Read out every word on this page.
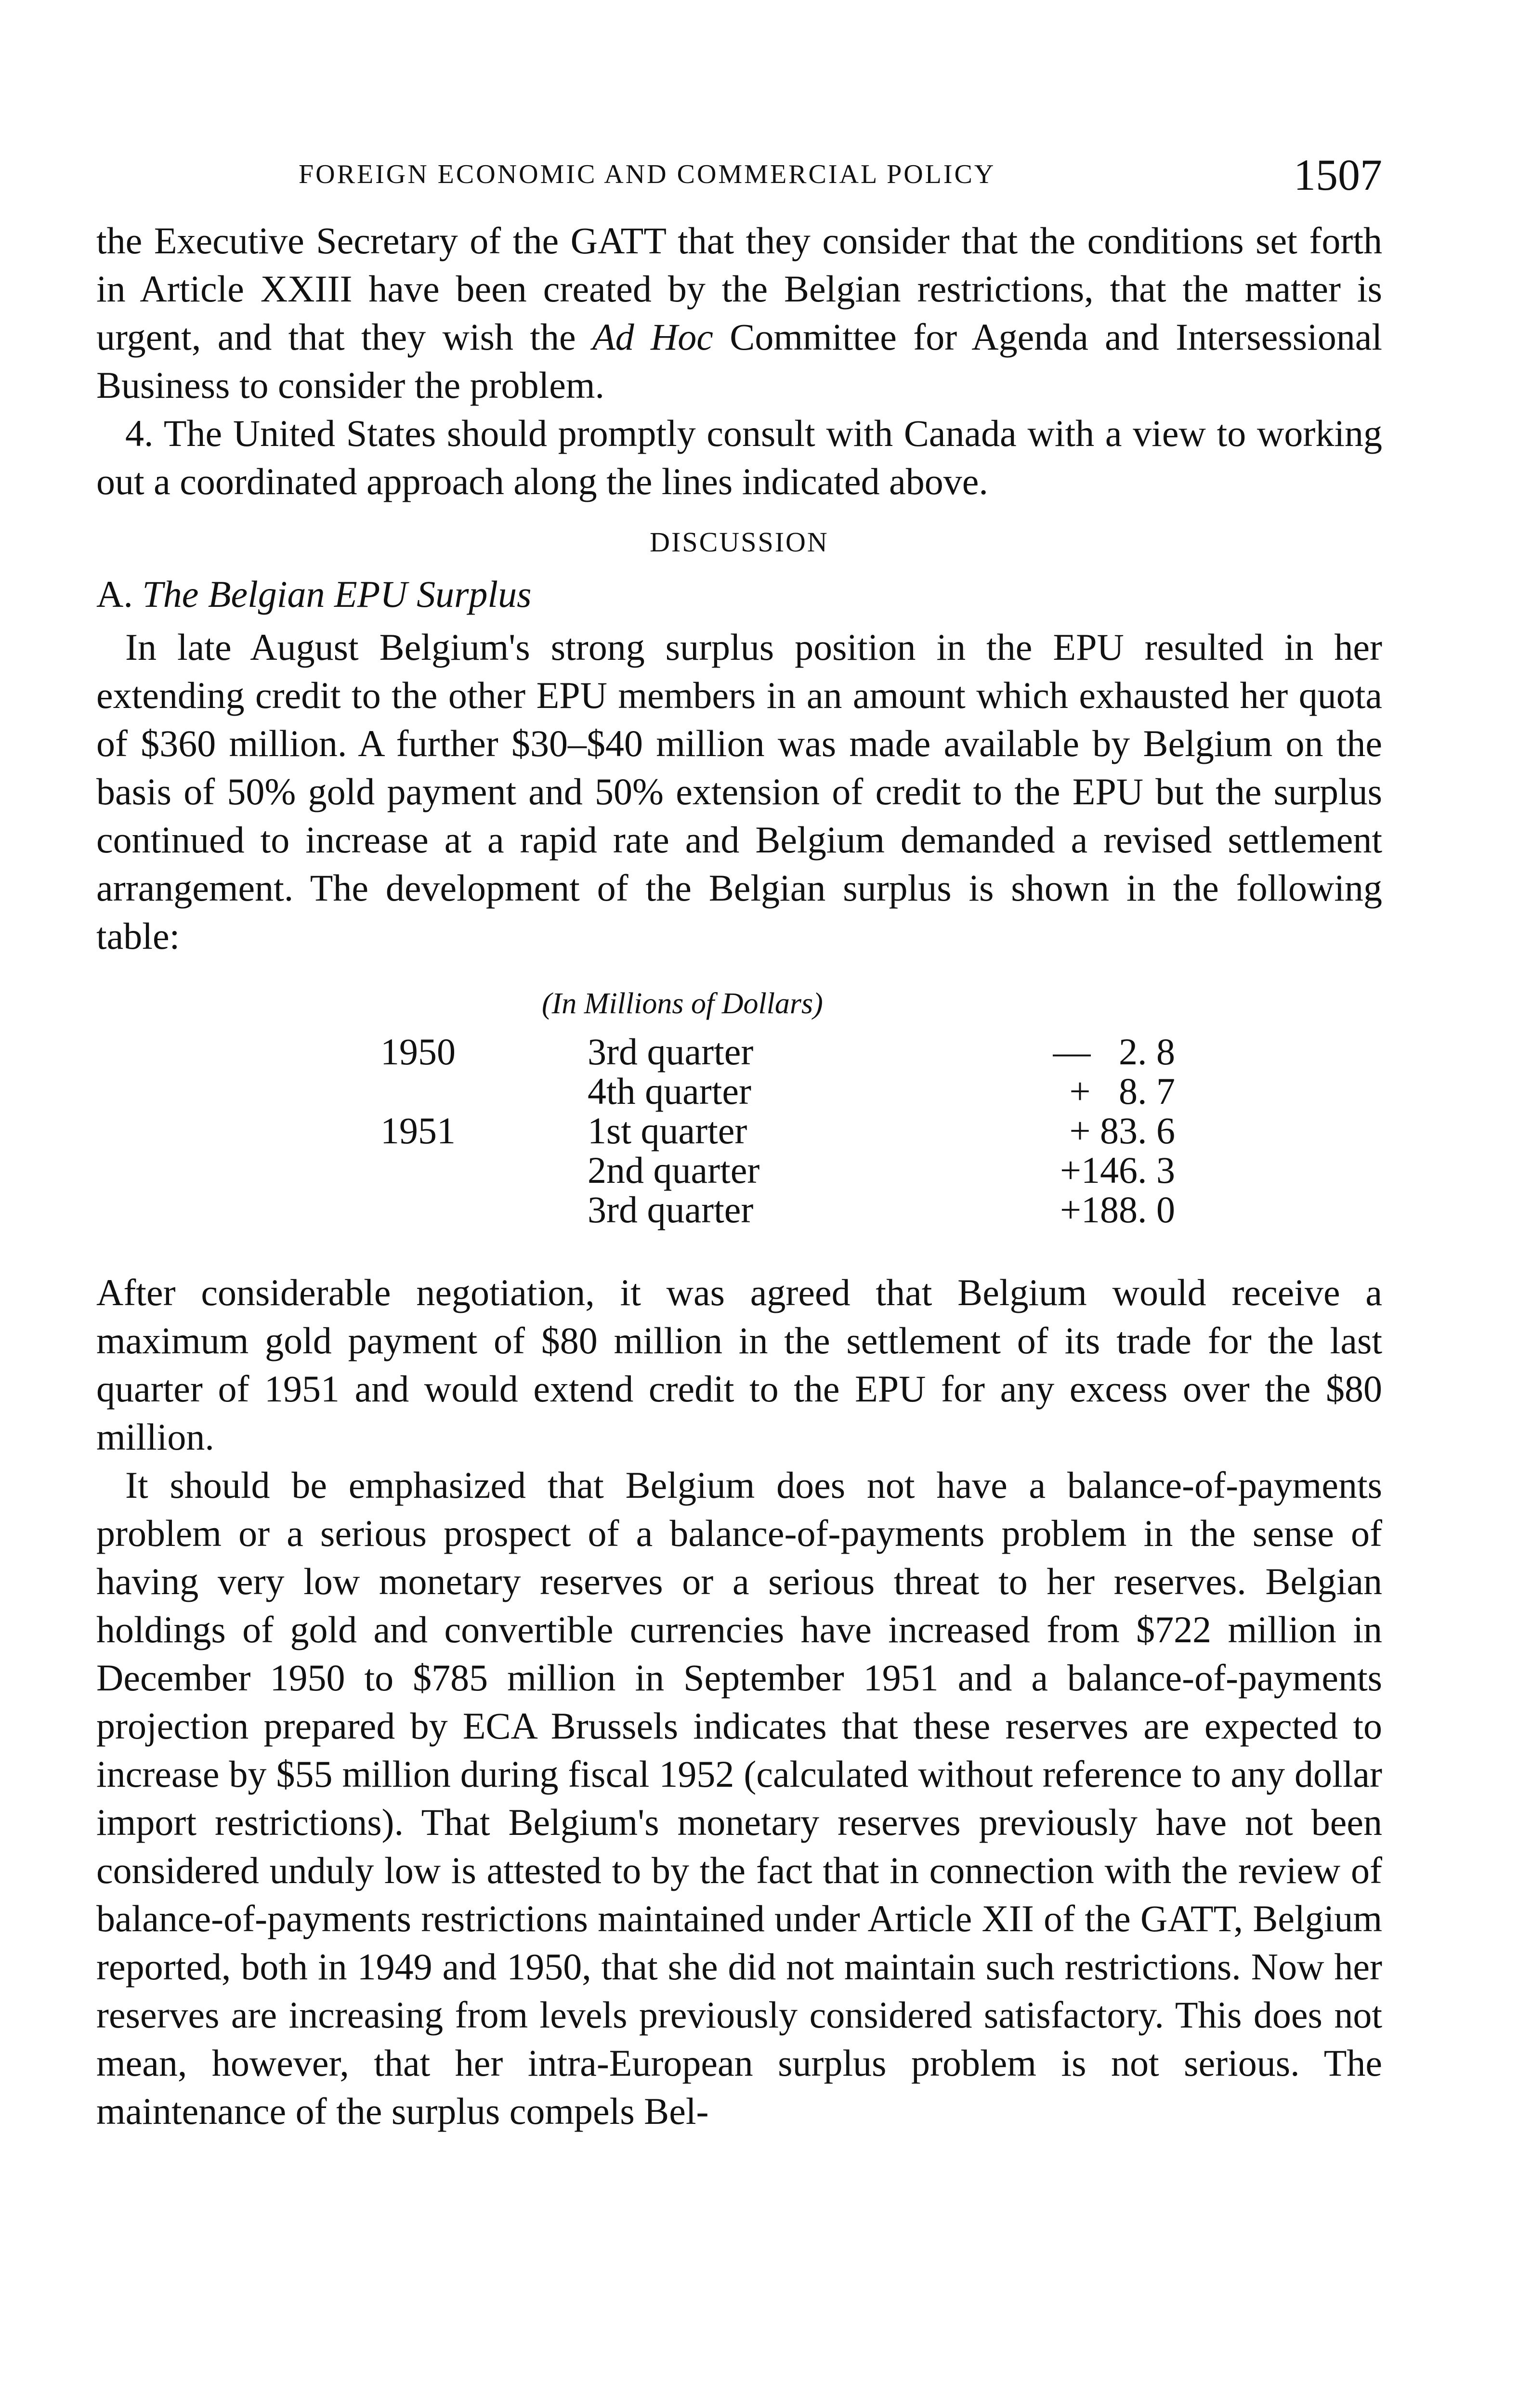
FOREIGN ECONOMIC AND COMMERCIAL POLICY	1507

the Executive Secretary of the GATT that they consider that the conditions set forth in Article XXIII have been created by the Belgian restrictions, that the matter is urgent, and that they wish the Ad Hoc Committee for Agenda and Intersessional Business to consider the problem.

4. The United States should promptly consult with Canada with a view to working out a coordinated approach along the lines indicated above.

DISCUSSION
A. The Belgian EPU Surplus

In late August Belgium's strong surplus position in the EPU resulted in her extending credit to the other EPU members in an amount which exhausted her quota of $360 million. A further $30–$40 million was made available by Belgium on the basis of 50% gold payment and 50% extension of credit to the EPU but the surplus continued to increase at a rapid rate and Belgium demanded a revised settlement arrangement. The development of the Belgian surplus is shown in the following table:

(In Millions of Dollars)
1950	3rd quarter	—   2. 8
4th quarter	+   8. 7
1951	1st quarter	+ 83. 6
2nd quarter	+146. 3
3rd quarter	+188. 0

After considerable negotiation, it was agreed that Belgium would receive a maximum gold payment of $80 million in the settlement of its trade for the last quarter of 1951 and would extend credit to the EPU for any excess over the $80 million.

It should be emphasized that Belgium does not have a balance-of-payments problem or a serious prospect of a balance-of-payments problem in the sense of having very low monetary reserves or a serious threat to her reserves. Belgian holdings of gold and convertible currencies have increased from $722 million in December 1950 to $785 million in September 1951 and a balance-of-payments projection prepared by ECA Brussels indicates that these reserves are expected to increase by $55 million during fiscal 1952 (calculated without reference to any dollar import restrictions). That Belgium's monetary reserves previously have not been considered unduly low is attested to by the fact that in connection with the review of balance-of-payments restrictions maintained under Article XII of the GATT, Belgium reported, both in 1949 and 1950, that she did not maintain such restrictions. Now her reserves are increasing from levels previously considered satisfactory. This does not mean, however, that her intra-European surplus problem is not serious. The maintenance of the surplus compels Bel-
